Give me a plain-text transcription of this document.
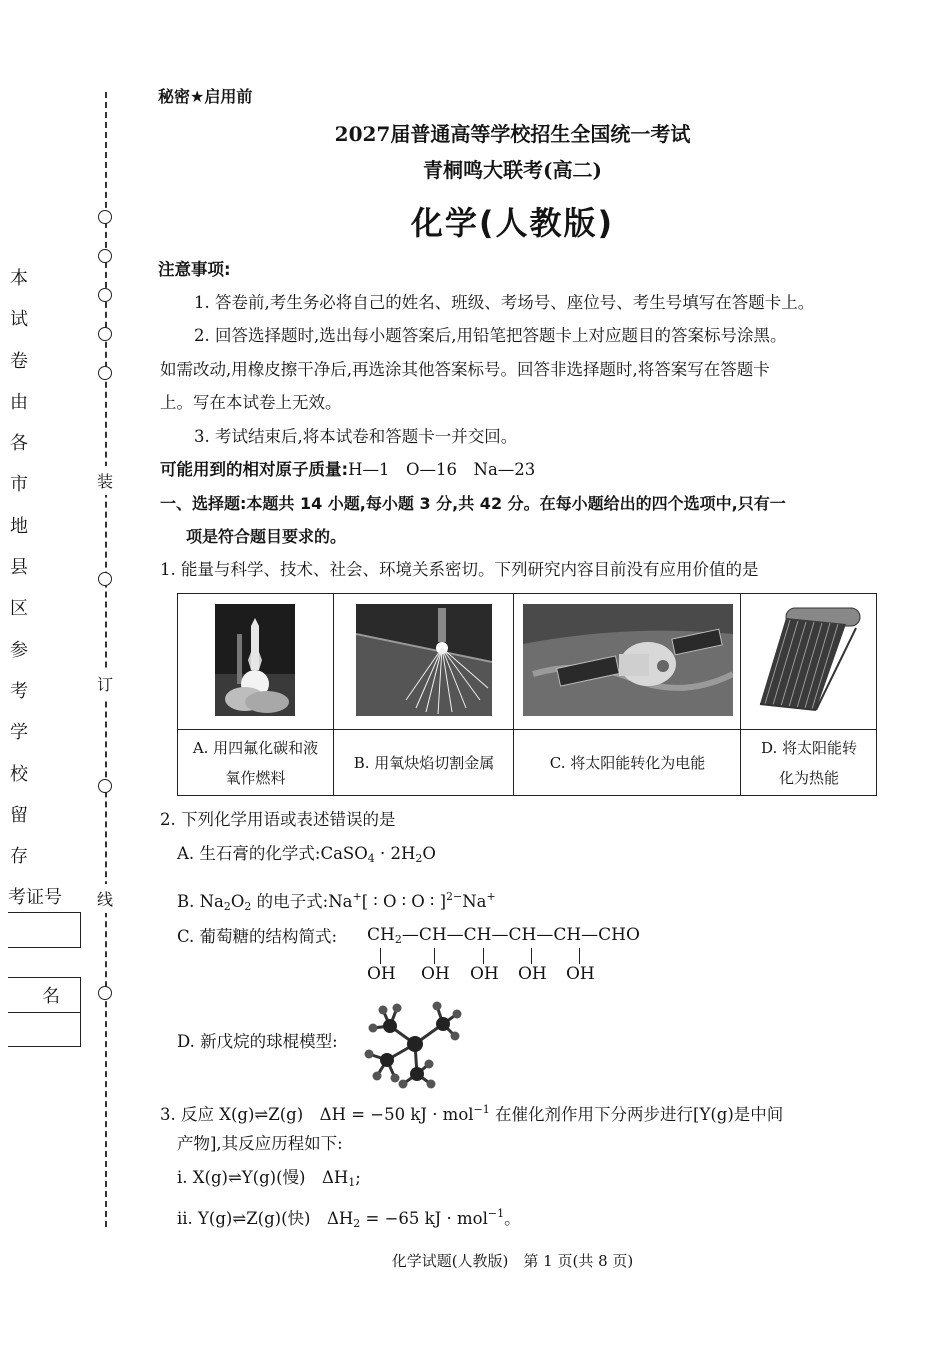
装
订
线
本
试
卷
由
各
市
地
县
区
参
考
学
校
留
存
考证号
名
秘密★启用前
2027届普通高等学校招生全国统一考试
青桐鸣大联考(高二)
化学(人教版)
注意事项:
1. 答卷前,考生务必将自己的姓名、班级、考场号、座位号、考生号填写在答题卡上。
2. 回答选择题时,选出每小题答案后,用铅笔把答题卡上对应题目的答案标号涂黑。
如需改动,用橡皮擦干净后,再选涂其他答案标号。回答非选择题时,将答案写在答题卡
上。写在本试卷上无效。
3. 考试结束后,将本试卷和答题卡一并交回。
可能用到的相对原子质量:H—1　O—16　Na—23
一、选择题:本题共 14 小题,每小题 3 分,共 42 分。在每小题给出的四个选项中,只有一
项是符合题目要求的。
1. 能量与科学、技术、社会、环境关系密切。下列研究内容目前没有应用价值的是
A. 用四氟化碳和液
氧作燃料
B. 用氧炔焰切割金属	C. 将太阳能转化为电能
D. 将太阳能转
化为热能
2. 下列化学用语或表述错误的是
A. 生石膏的化学式:CaSO$_4$ · $2H_2O$
B. $Na_2O_2$ 的电子式:Na+[ ∶ O ∶ O ∶ ]$^{2-}$Na+
C. 葡萄糖的结构简式: $CH_2—CH—CH—CH—CH—CHO$
OH OH OH OH OH
D. 新戊烷的球棍模型:
3. 反应 X(g)⇌Z(g)　ΔH = −50 kJ · mol$^{-1}$ 在催化剂作用下分两步进行[Y(g)是中间
产物],其反应历程如下:
i. X(g)⇌Y(g)(慢)　$\Delta H_1$;
ii. Y(g)⇌Z(g)(快)　$\Delta H_2 = -65$ kJ · mol$^{-1}$。
化学试题(人教版)　第 1 页(共 8 页)
